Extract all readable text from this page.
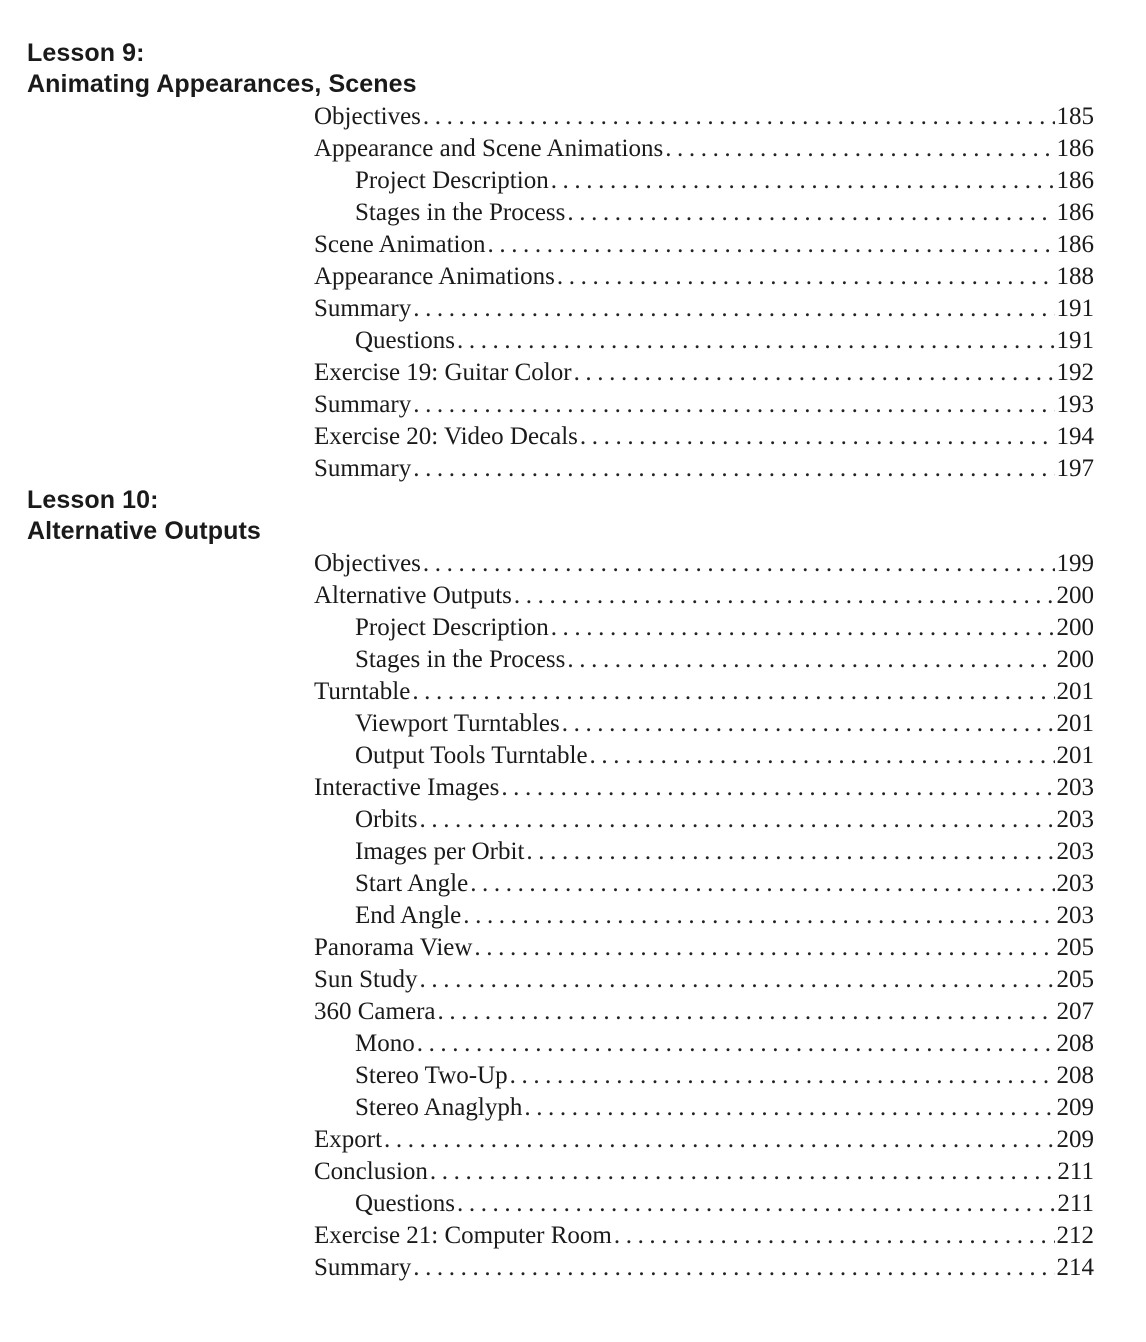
Lesson 9:
Animating Appearances, Scenes
Objectives .....	185
Appearance and Scene Animations .....	186
Project Description .....	186
Stages in the Process .....	186
Scene Animation .....	186
Appearance Animations .....	188
Summary .....	191
Questions .....	191
Exercise 19: Guitar Color .....	192
Summary .....	193
Exercise 20: Video Decals .....	194
Summary .....	197
Lesson 10:
Alternative Outputs
Objectives .....	199
Alternative Outputs .....	200
Project Description .....	200
Stages in the Process .....	200
Turntable .....	201
Viewport Turntables .....	201
Output Tools Turntable .....	201
Interactive Images .....	203
Orbits .....	203
Images per Orbit .....	203
Start Angle .....	203
End Angle .....	203
Panorama View .....	205
Sun Study .....	205
360 Camera .....	207
Mono .....	208
Stereo Two-Up .....	208
Stereo Anaglyph .....	209
Export .....	209
Conclusion .....	211
Questions .....	211
Exercise 21: Computer Room .....	212
Summary .....	214
